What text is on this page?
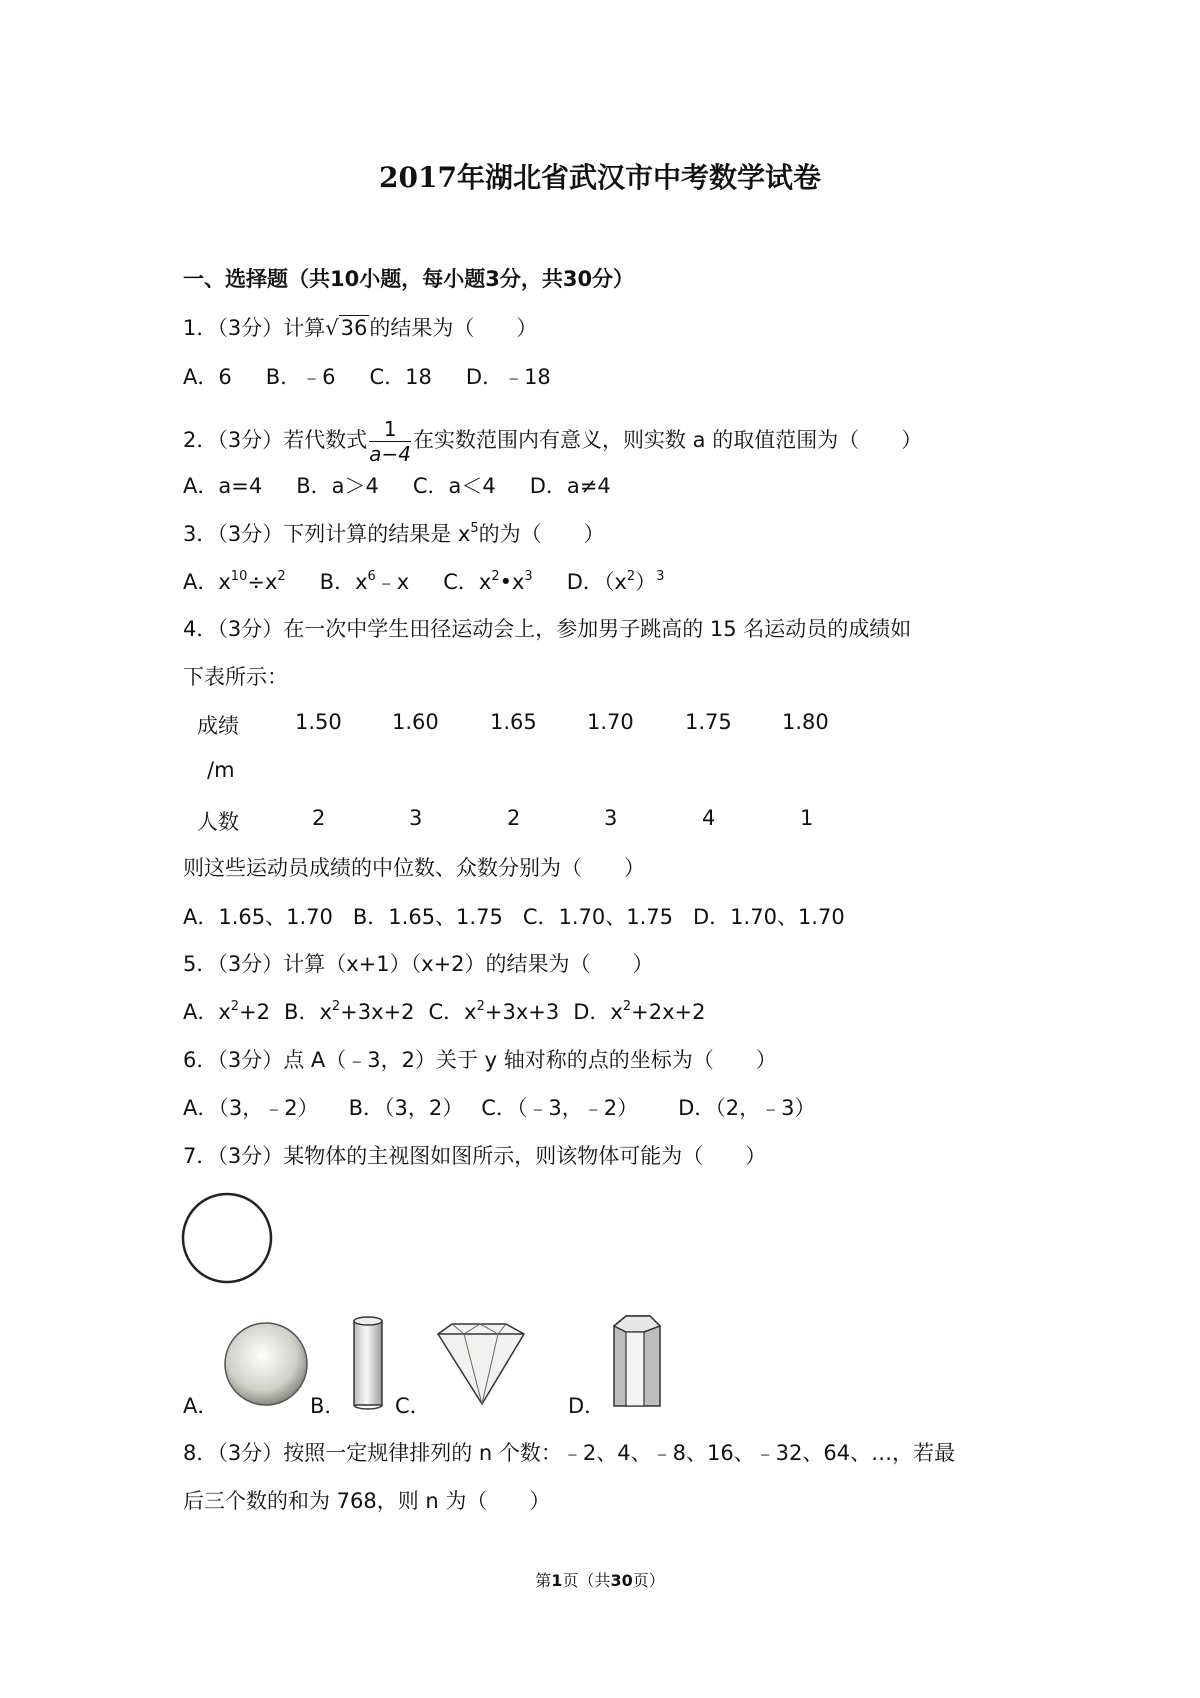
2017年湖北省武汉市中考数学试卷
一、选择题（共10小题，每小题3分，共30分）
1．（3分）计算√36的结果为（　　）
A．6 B．﹣6 C．18 D．﹣18
2．（3分）若代数式 $\frac{1}{a-4}$ 在实数范围内有意义，则实数 a 的取值范围为（　　）
A．a=4 B．a＞4 C．a＜4 D．a≠4
3．（3分）下列计算的结果是 $x^5$的为（　　）
A．$x^{10}\div x^2$ B．$x^6﹣x$ C．$x^2•x^3$ D．$(x^2)^3$
4．（3分）在一次中学生田径运动会上，参加男子跳高的 15 名运动员的成绩如
下表所示：
成绩	1.50 1.60 1.65 1.70 1.75 1.80
/m
人数	2	3	2	3	4	1
则这些运动员成绩的中位数、众数分别为（　　）
A．1.65、1.70 B．1.65、1.75 C．1.70、1.75 D．1.70、1.70
5．（3分）计算（x+1）（x+2）的结果为（　　）
A．$x^2+2$ B．$x^2+3x+2$ C．$x^2+3x+3$ D．$x^2+2x+2$
6．（3分）点 A（﹣3，2）关于 y 轴对称的点的坐标为（　　）
A．（3，﹣2） B．（3，2） C．（﹣3，﹣2） D．（2，﹣3）
7．（3分）某物体的主视图如图所示，则该物体可能为（　　）
A．	B． C．	D．
8．（3分）按照一定规律排列的 n 个数：﹣2、4、﹣8、16、﹣32、64、…，若最
后三个数的和为 768，则 n 为（　　）
第1页（共30页）
